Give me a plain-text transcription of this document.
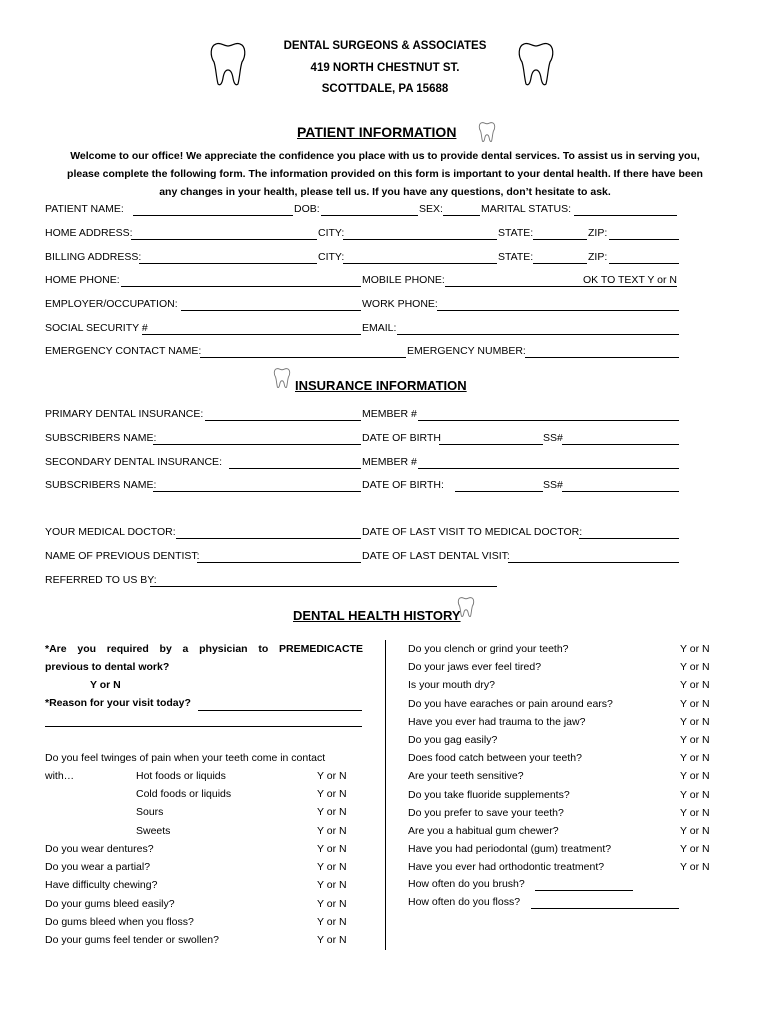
DENTAL SURGEONS & ASSOCIATES
419 NORTH CHESTNUT ST.
SCOTTDALE, PA 15688
PATIENT INFORMATION
Welcome to our office! We appreciate the confidence you place with us to provide dental services. To assist us in serving you,
please complete the following form. The information provided on this form is important to your dental health. If there have been
any changes in your health, please tell us. If you have any questions, don’t hesitate to ask.
PATIENT NAME:	DOB:	SEX:	MARITAL STATUS:
HOME ADDRESS:	CITY:	STATE:	ZIP:
BILLING ADDRESS:	CITY:	STATE:	ZIP:
HOME PHONE:	MOBILE PHONE:	OK TO TEXT Y or N
EMPLOYER/OCCUPATION:	WORK PHONE:
SOCIAL SECURITY #	EMAIL:
EMERGENCY CONTACT NAME:	EMERGENCY NUMBER:
INSURANCE INFORMATION
PRIMARY DENTAL INSURANCE:	MEMBER #
SUBSCRIBERS NAME:	DATE OF BIRTH	SS#
SECONDARY DENTAL INSURANCE:	MEMBER #
SUBSCRIBERS NAME:	DATE OF BIRTH:	SS#
YOUR MEDICAL DOCTOR:	DATE OF LAST VISIT TO MEDICAL DOCTOR:
NAME OF PREVIOUS DENTIST:	DATE OF LAST DENTAL VISIT:
REFERRED TO US BY:
DENTAL HEALTH HISTORY
*Are you required by a physician to PREMEDICACTE
previous to dental work?
Y or N
*Reason for your visit today?
Do you feel twinges of pain when your teeth come in contact
with…	Hot foods or liquids	Y or N
Cold foods or liquids	Y or N
Sours	Y or N
Sweets	Y or N
Do you wear dentures?	Y or N
Do you wear a partial?	Y or N
Have difficulty chewing?	Y or N
Do your gums bleed easily?	Y or N
Do gums bleed when you floss?	Y or N
Do your gums feel tender or swollen?	Y or N
Do you clench or grind your teeth?	Y or N
Do your jaws ever feel tired?	Y or N
Is your mouth dry?	Y or N
Do you have earaches or pain around ears?	Y or N
Have you ever had trauma to the jaw?	Y or N
Do you gag easily?	Y or N
Does food catch between your teeth?	Y or N
Are your teeth sensitive?	Y or N
Do you take fluoride supplements?	Y or N
Do you prefer to save your teeth?	Y or N
Are you a habitual gum chewer?	Y or N
Have you had periodontal (gum) treatment?	Y or N
Have you ever had orthodontic treatment?	Y or N
How often do you brush?
How often do you floss?
